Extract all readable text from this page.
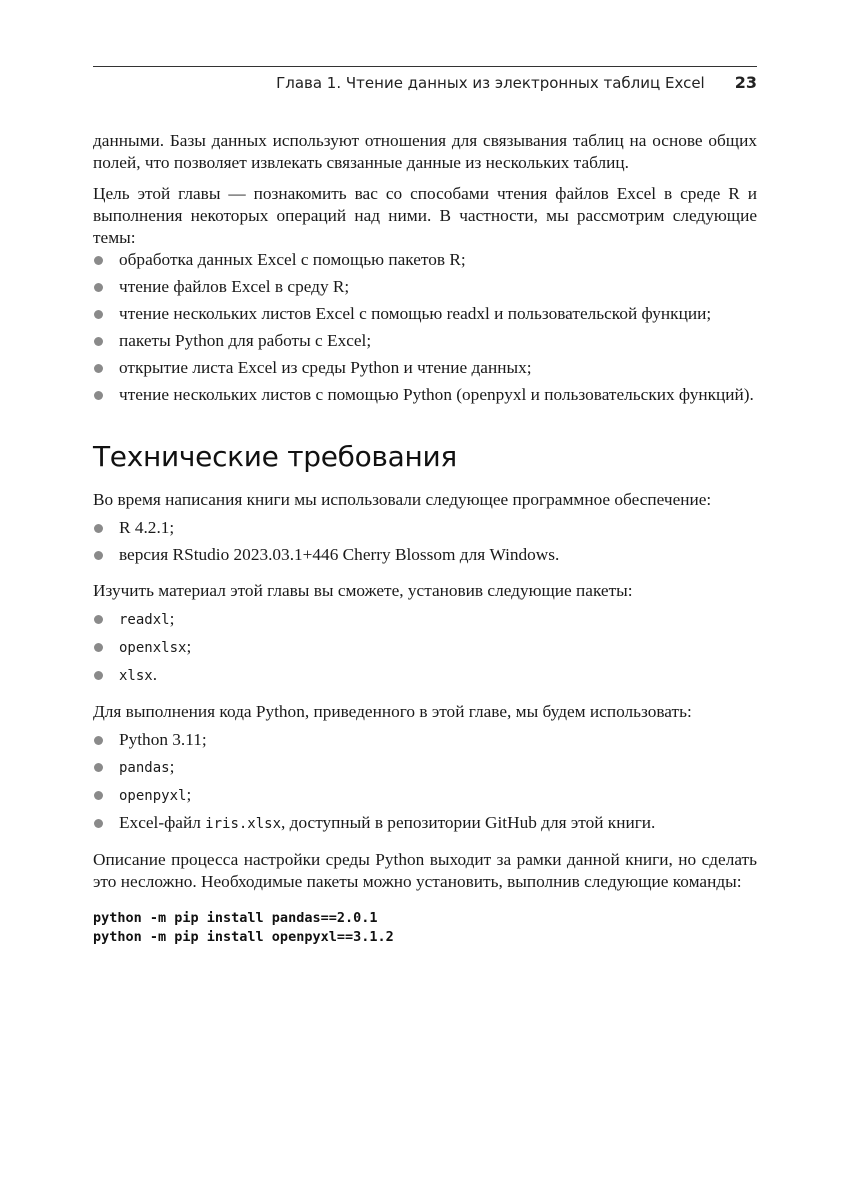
Глава 1. Чтение данных из электронных таблиц Excel 23

данными. Базы данных используют отношения для связывания таблиц на основе общих полей, что позволяет извлекать связанные данные из нескольких таблиц.

Цель этой главы — познакомить вас со способами чтения файлов Excel в среде R и выполнения некоторых операций над ними. В частности, мы рассмотрим следующие темы:

обработка данных Excel с помощью пакетов R;
чтение файлов Excel в среду R;
чтение нескольких листов Excel с помощью readxl и пользовательской функции;
пакеты Python для работы с Excel;
открытие листа Excel из среды Python и чтение данных;
чтение нескольких листов с помощью Python (openpyxl и пользовательских функций).
Технические требования

Во время написания книги мы использовали следующее программное обеспечение:

R 4.2.1;
версия RStudio 2023.03.1+446 Cherry Blossom для Windows.

Изучить материал этой главы вы сможете, установив следующие пакеты:

readxl;
openxlsx;
xlsx.

Для выполнения кода Python, приведенного в этой главе, мы будем использовать:

Python 3.11;
pandas;
openpyxl;
Excel-файл iris.xlsx, доступный в репозитории GitHub для этой книги.

Описание процесса настройки среды Python выходит за рамки данной книги, но сделать это несложно. Необходимые пакеты можно установить, выполнив следующие команды:

python -m pip install pandas==2.0.1
python -m pip install openpyxl==3.1.2
